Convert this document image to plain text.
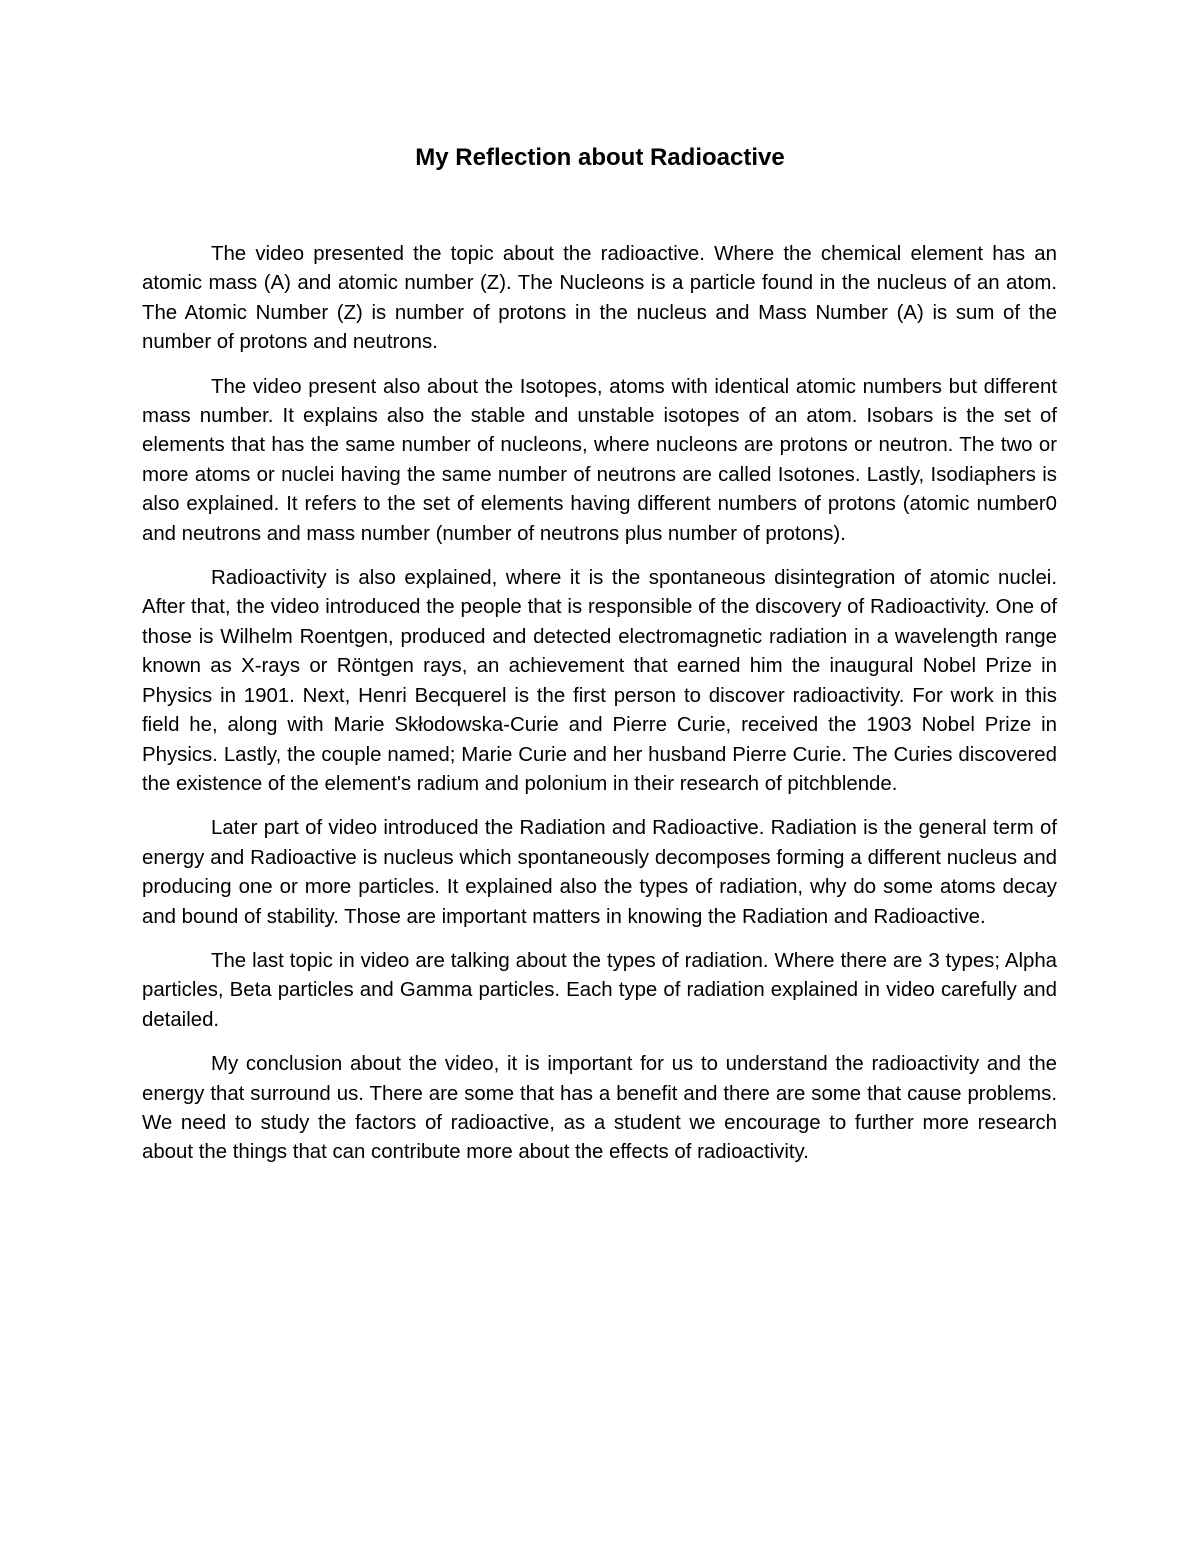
My Reflection about Radioactive

The video presented the topic about the radioactive. Where the chemical element has an atomic mass (A) and atomic number (Z). The Nucleons is a particle found in the nucleus of an atom. The Atomic Number (Z) is number of protons in the nucleus and Mass Number (A) is sum of the number of protons and neutrons.

The video present also about the Isotopes, atoms with identical atomic numbers but different mass number. It explains also the stable and unstable isotopes of an atom. Isobars is the set of elements that has the same number of nucleons, where nucleons are protons or neutron. The two or more atoms or nuclei having the same number of neutrons are called Isotones. Lastly, Isodiaphers is also explained. It refers to the set of elements having different numbers of protons (atomic number0 and neutrons and mass number (number of neutrons plus number of protons).

Radioactivity is also explained, where it is the spontaneous disintegration of atomic nuclei. After that, the video introduced the people that is responsible of the discovery of Radioactivity. One of those is Wilhelm Roentgen, produced and detected electromagnetic radiation in a wavelength range known as X-rays or Röntgen rays, an achievement that earned him the inaugural Nobel Prize in Physics in 1901. Next, Henri Becquerel is the first person to discover radioactivity. For work in this field he, along with Marie Skłodowska-Curie and Pierre Curie, received the 1903 Nobel Prize in Physics. Lastly, the couple named; Marie Curie and her husband Pierre Curie. The Curies discovered the existence of the element's radium and polonium in their research of pitchblende.

Later part of video introduced the Radiation and Radioactive. Radiation is the general term of energy and Radioactive is nucleus which spontaneously decomposes forming a different nucleus and producing one or more particles. It explained also the types of radiation, why do some atoms decay and bound of stability. Those are important matters in knowing the Radiation and Radioactive.

The last topic in video are talking about the types of radiation. Where there are 3 types; Alpha particles, Beta particles and Gamma particles. Each type of radiation explained in video carefully and detailed.

My conclusion about the video, it is important for us to understand the radioactivity and the energy that surround us. There are some that has a benefit and there are some that cause problems. We need to study the factors of radioactive, as a student we encourage to further more research about the things that can contribute more about the effects of radioactivity.
